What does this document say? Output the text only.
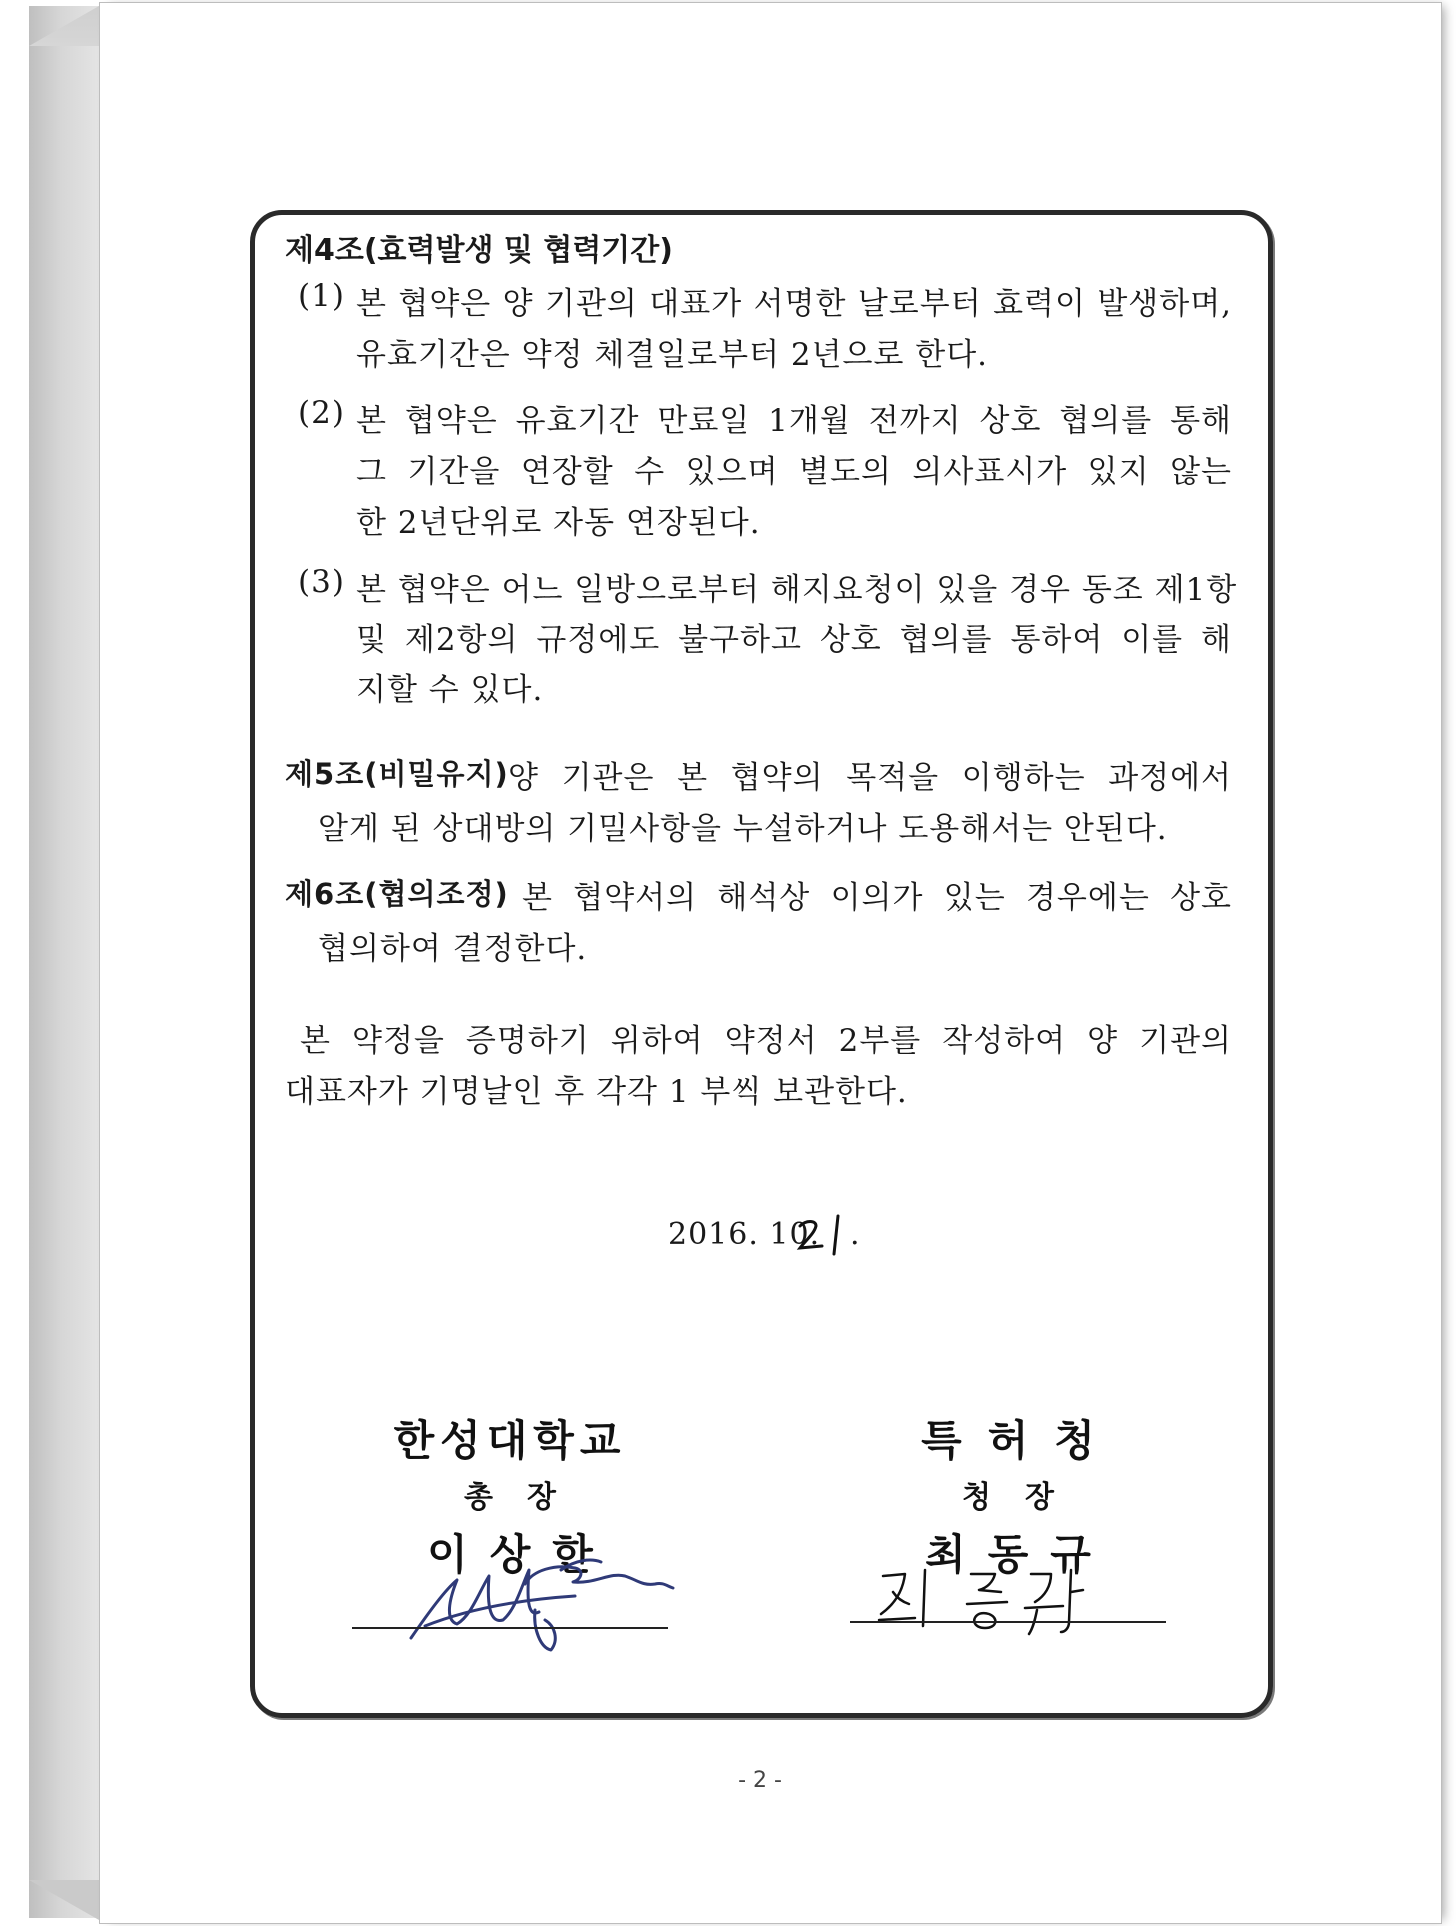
제4조(효력발생 및 협력기간)
(1) 본 협약은 양 기관의 대표가 서명한 날로부터 효력이 발생하며,
유효기간은 약정 체결일로부터 2년으로 한다.
(2) 본 협약은 유효기간 만료일 1개월 전까지 상호 협의를 통해
그 기간을 연장할 수 있으며 별도의 의사표시가 있지 않는
한 2년단위로 자동 연장된다.
(3) 본 협약은 어느 일방으로부터 해지요청이 있을 경우 동조 제1항
및 제2항의 규정에도 불구하고 상호 협의를 통하여 이를 해
지할 수 있다.
제5조(비밀유지) 양 기관은 본 협약의 목적을 이행하는 과정에서
알게 된 상대방의 기밀사항을 누설하거나 도용해서는 안된다.
제6조(협의조정) 본 협약서의 해석상 이의가 있는 경우에는 상호
협의하여 결정한다.
본 약정을 증명하기 위하여 약정서 2부를 작성하여 양 기관의
대표자가 기명날인 후 각각 1 부씩 보관한다.
2016. 10. .
한성대학교
총장
이상한
특허청
청장
최동규
- 2 -
